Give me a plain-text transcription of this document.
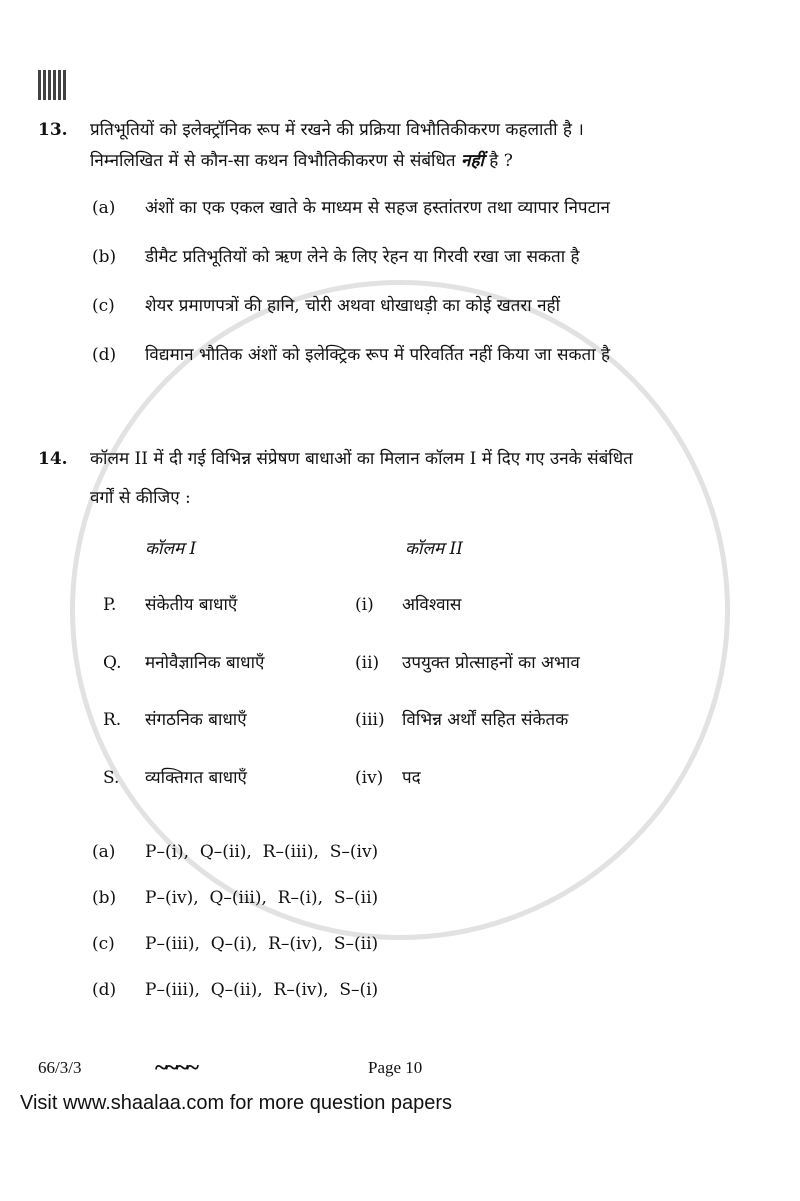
13.	प्रतिभूतियों को इलेक्ट्रॉनिक रूप में रखने की प्रक्रिया विभौतिकीकरण कहलाती है ।
निम्नलिखित में से कौन-सा कथन विभौतिकीकरण से संबंधित नहीं है ?
(a)	अंशों का एक एकल खाते के माध्यम से सहज हस्तांतरण तथा व्यापार निपटान
(b)	डीमैट प्रतिभूतियों को ऋण लेने के लिए रेहन या गिरवी रखा जा सकता है
(c)	शेयर प्रमाणपत्रों की हानि, चोरी अथवा धोखाधड़ी का कोई खतरा नहीं
(d)	विद्यमान भौतिक अंशों को इलेक्ट्रिक रूप में परिवर्तित नहीं किया जा सकता है
14.	कॉलम II में दी गई विभिन्न संप्रेषण बाधाओं का मिलान कॉलम I में दिए गए उनके संबंधित
वर्गों से कीजिए :
कॉलम I	कॉलम II
P.	संकेतीय बाधाएँ	(i)	अविश्वास
Q.	मनोवैज्ञानिक बाधाएँ	(ii)	उपयुक्त प्रोत्साहनों का अभाव
R.	संगठनिक बाधाएँ	(iii)	विभिन्न अर्थों सहित संकेतक
S.	व्यक्तिगत बाधाएँ	(iv)	पद
(a)	P–(i),  Q–(ii),  R–(iii),  S–(iv)
(b)	P–(iv),  Q–(iii),  R–(i),  S–(ii)
(c)	P–(iii),  Q–(i),  R–(iv),  S–(ii)
(d)	P–(iii),  Q–(ii),  R–(iv),  S–(i)
66/3/3	~~~~	Page 10
Visit www.shaalaa.com for more question papers
